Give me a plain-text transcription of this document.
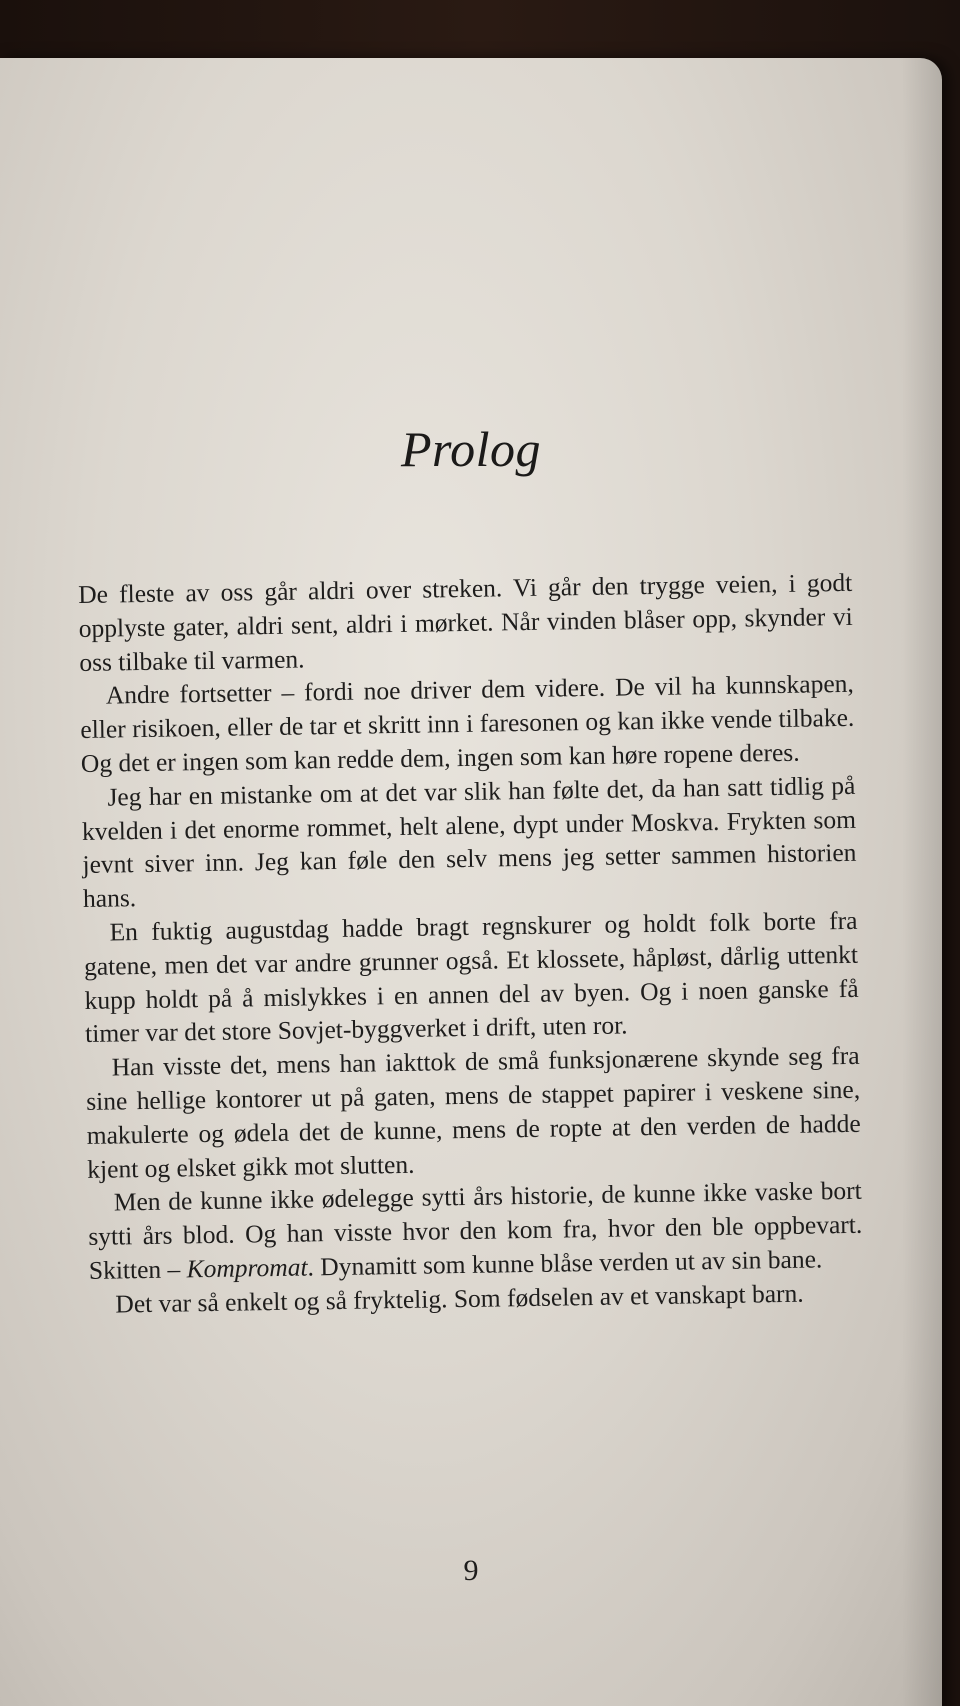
Prolog

De fleste av oss går aldri over streken. Vi går den trygge veien, i godt opplyste gater, aldri sent, aldri i mørket. Når vinden blåser opp, skynder vi oss tilbake til varmen.

Andre fortsetter – fordi noe driver dem videre. De vil ha kunnskapen, eller risikoen, eller de tar et skritt inn i faresonen og kan ikke vende tilbake. Og det er ingen som kan redde dem, ingen som kan høre ropene deres.

Jeg har en mistanke om at det var slik han følte det, da han satt tidlig på kvelden i det enorme rommet, helt alene, dypt under Moskva. Frykten som jevnt siver inn. Jeg kan føle den selv mens jeg setter sammen historien hans.

En fuktig augustdag hadde bragt regnskurer og holdt folk borte fra gatene, men det var andre grunner også. Et klossete, håpløst, dårlig uttenkt kupp holdt på å mislykkes i en annen del av byen. Og i noen ganske få timer var det store Sovjet-byggverket i drift, uten ror.

Han visste det, mens han iakttok de små funksjonærene skynde seg fra sine hellige kontorer ut på gaten, mens de stappet papirer i veskene sine, makulerte og ødela det de kunne, mens de ropte at den verden de hadde kjent og elsket gikk mot slutten.

Men de kunne ikke ødelegge sytti års historie, de kunne ikke vaske bort sytti års blod. Og han visste hvor den kom fra, hvor den ble oppbevart. Skitten – Kompromat. Dynamitt som kunne blåse verden ut av sin bane.

Det var så enkelt og så fryktelig. Som fødselen av et vanskapt barn.

9
